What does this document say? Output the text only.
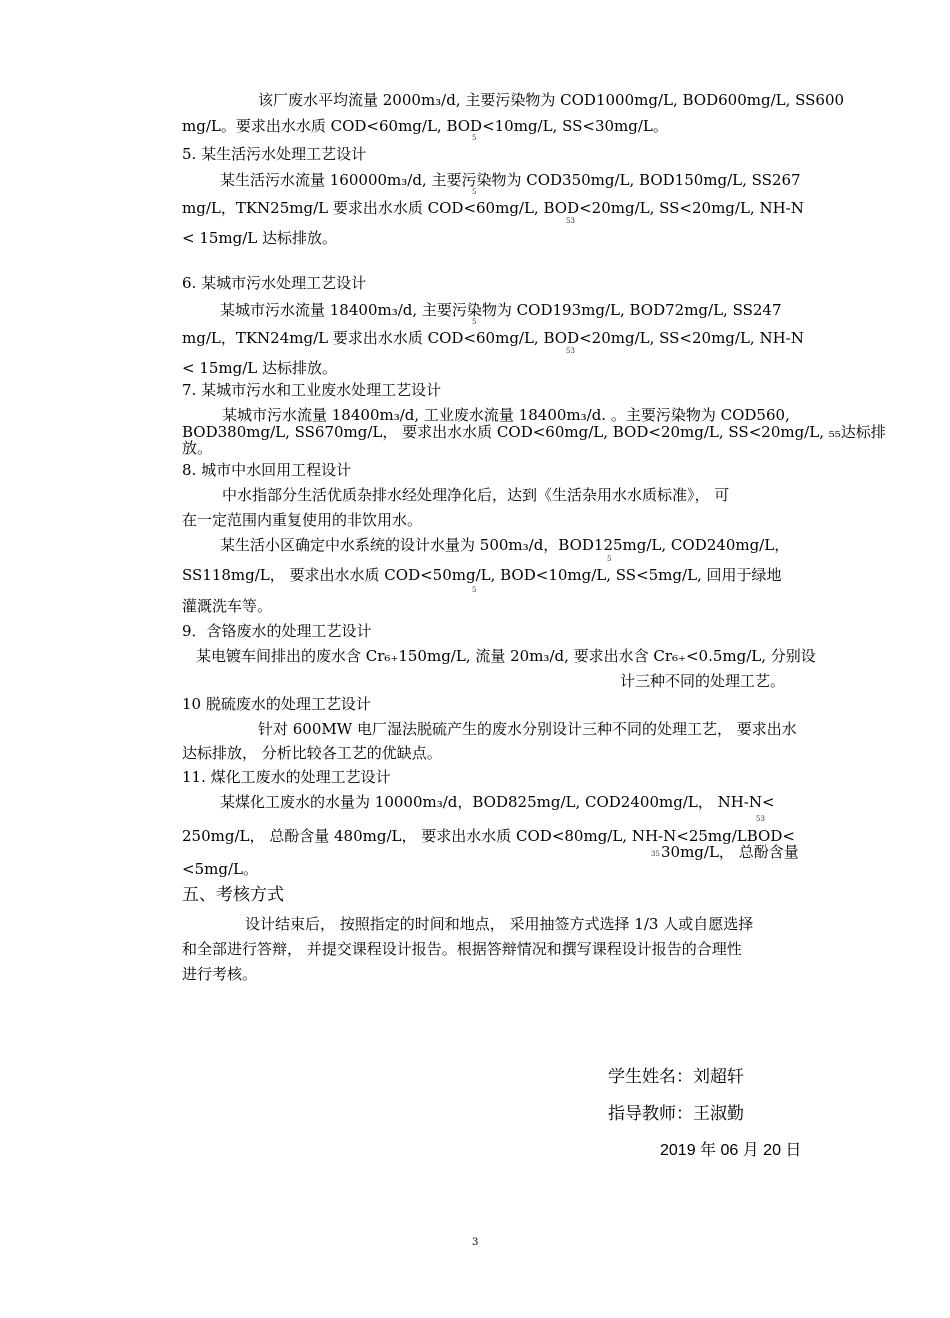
该厂废水平均流量 2000m₃/d, 主要污染物为 COD1000mg/L, BOD600mg/L, SS600
mg/L。要求出水水质 COD<60mg/L, BOD<10mg/L, SS<30mg/L。
5
5. 某生活污水处理工艺设计
某生活污水流量 160000m₃/d, 主要污染物为 COD350mg/L, BOD150mg/L, SS267
5
mg/L，TKN25mg/L 要求出水水质 COD<60mg/L, BOD<20mg/L, SS<20mg/L, NH-N
53
< 15mg/L 达标排放。
6. 某城市污水处理工艺设计
某城市污水流量 18400m₃/d, 主要污染物为 COD193mg/L, BOD72mg/L, SS247
5
mg/L，TKN24mg/L 要求出水水质 COD<60mg/L, BOD<20mg/L, SS<20mg/L, NH-N
53
< 15mg/L 达标排放。
7. 某城市污水和工业废水处理工艺设计
某城市污水流量 18400m₃/d, 工业废水流量 18400m₃/d. 。主要污染物为 COD560,
BOD380mg/L, SS670mg/L， 要求出水水质 COD<60mg/L, BOD<20mg/L, SS<20mg/L, ₅₅达标排
放。
8. 城市中水回用工程设计
中水指部分生活优质杂排水经处理净化后，达到《生活杂用水水质标准》， 可
在一定范围内重复使用的非饮用水。
某生活小区确定中水系统的设计水量为 500m₃/d，BOD125mg/L, COD240mg/L，
5
SS118mg/L， 要求出水水质 COD<50mg/L, BOD<10mg/L, SS<5mg/L, 回用于绿地
5
灌溉洗车等。
9．含铬废水的处理工艺设计
某电镀车间排出的废水含 Cr₆₊150mg/L, 流量 20m₃/d, 要求出水含 Cr₆₊<0.5mg/L, 分别设
计三种不同的处理工艺。
10 脱硫废水的处理工艺设计
针对 600MW 电厂湿法脱硫产生的废水分别设计三种不同的处理工艺， 要求出水
达标排放， 分析比较各工艺的优缺点。
11. 煤化工废水的处理工艺设计
某煤化工废水的水量为 10000m₃/d，BOD825mg/L, COD2400mg/L， NH-N<
53
250mg/L， 总酚含量 480mg/L， 要求出水水质 COD<80mg/L, NH-N<25mg/LBOD<
35 30mg/L， 总酚含量
<5mg/L。
五、考核方式
设计结束后， 按照指定的时间和地点， 采用抽签方式选择 1/3 人或自愿选择
和全部进行答辩， 并提交课程设计报告。根据答辩情况和撰写课程设计报告的合理性
进行考核。
学生姓名：刘超轩
指导教师：王淑勤
2019 年 06 月 20 日
3
